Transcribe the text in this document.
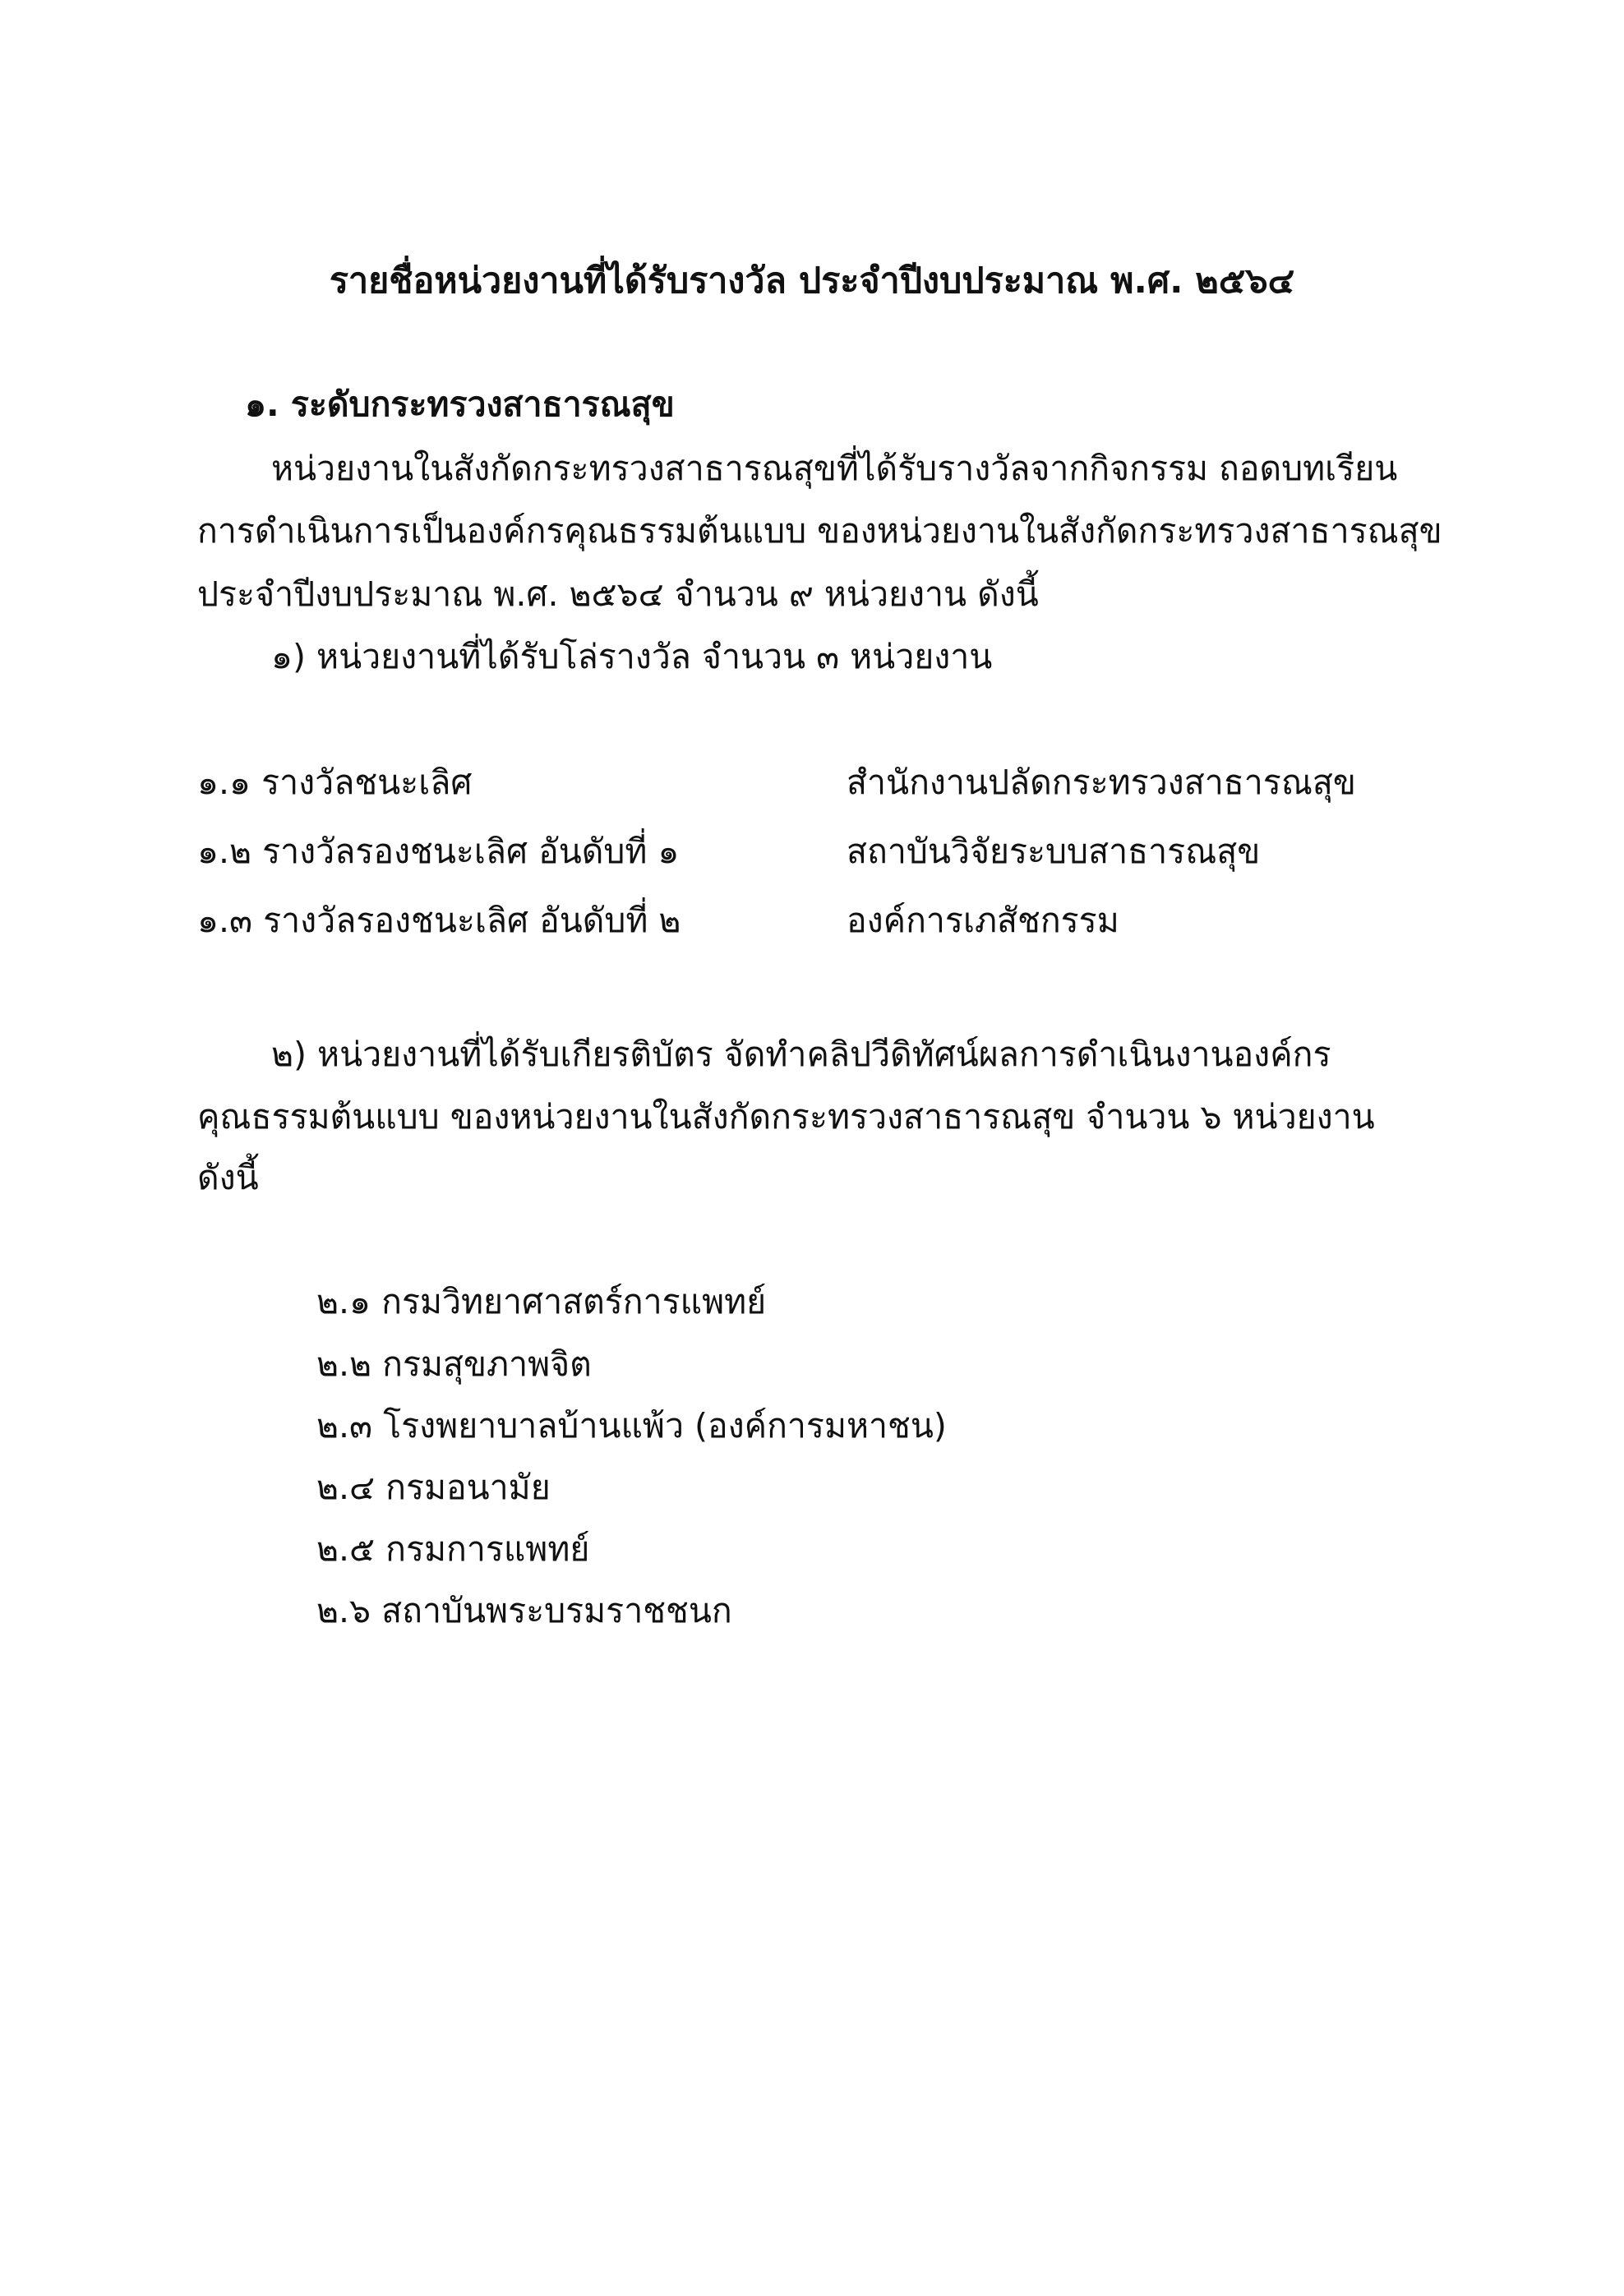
รายชื่อหน่วยงานที่ได้รับรางวัล ประจำปีงบประมาณ พ.ศ. ๒๕๖๔
๑. ระดับกระทรวงสาธารณสุข
หน่วยงานในสังกัดกระทรวงสาธารณสุขที่ได้รับรางวัลจากกิจกรรม ถอดบทเรียน
การดำเนินการเป็นองค์กรคุณธรรมต้นแบบ ของหน่วยงานในสังกัดกระทรวงสาธารณสุข
ประจำปีงบประมาณ พ.ศ. ๒๕๖๔ จำนวน ๙ หน่วยงาน ดังนี้
๑) หน่วยงานที่ได้รับโล่รางวัล จำนวน ๓ หน่วยงาน
๑.๑ รางวัลชนะเลิศ	สำนักงานปลัดกระทรวงสาธารณสุข
๑.๒ รางวัลรองชนะเลิศ อันดับที่ ๑	สถาบันวิจัยระบบสาธารณสุข
๑.๓ รางวัลรองชนะเลิศ อันดับที่ ๒	องค์การเภสัชกรรม
๒) หน่วยงานที่ได้รับเกียรติบัตร จัดทำคลิปวีดิทัศน์ผลการดำเนินงานองค์กร
คุณธรรมต้นแบบ ของหน่วยงานในสังกัดกระทรวงสาธารณสุข จำนวน ๖ หน่วยงาน
ดังนี้
๒.๑ กรมวิทยาศาสตร์การแพทย์
๒.๒ กรมสุขภาพจิต
๒.๓ โรงพยาบาลบ้านแพ้ว (องค์การมหาชน)
๒.๔ กรมอนามัย
๒.๕ กรมการแพทย์
๒.๖ สถาบันพระบรมราชชนก
